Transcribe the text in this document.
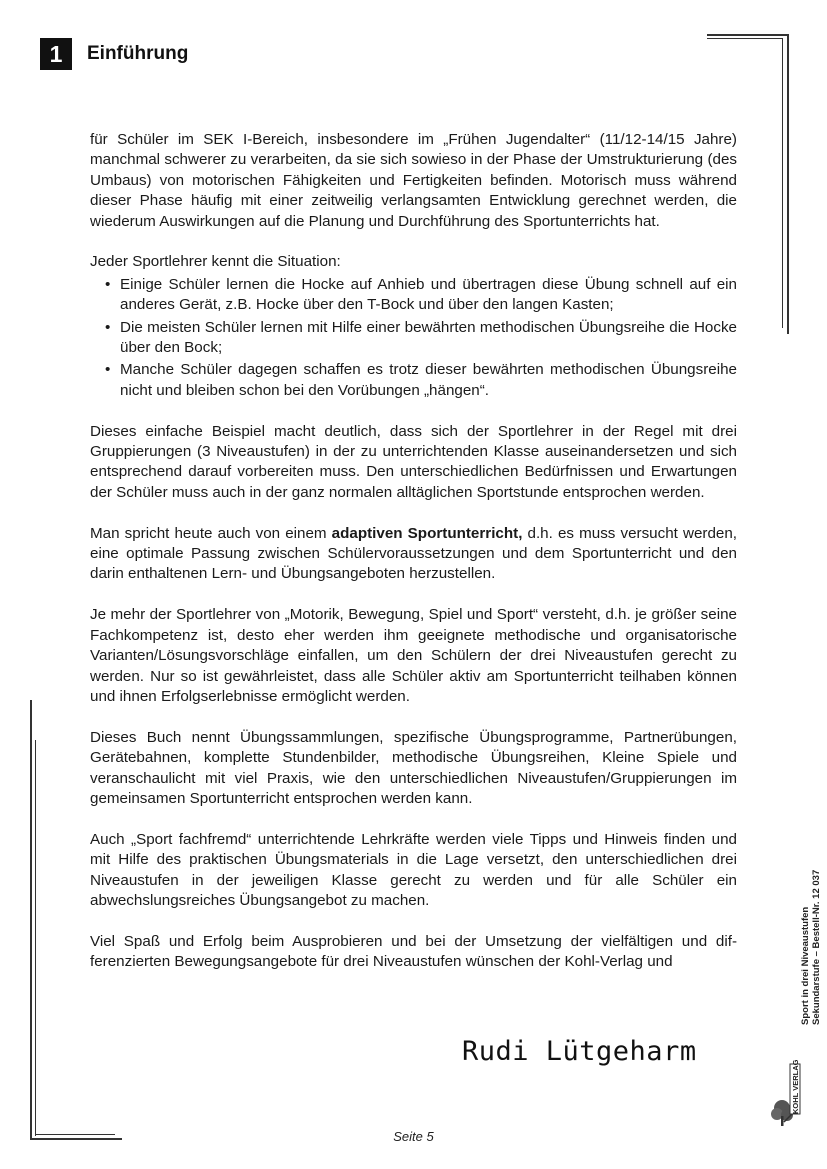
1	Einführung

für Schüler im SEK I-Bereich, insbesondere im „Frühen Jugendalter“ (11/12-14/15 Jahre) manchmal schwerer zu verarbeiten, da sie sich sowieso in der Phase der Umstrukturierung (des Umbaus) von motorischen Fähigkeiten und Fertigkeiten befinden. Motorisch muss während dieser Phase häufig mit einer zeitweilig verlangsamten Entwicklung gerechnet werden, die wiederum Auswirkungen auf die Planung und Durchführung des Sportunterrichts hat.

Jeder Sportlehrer kennt die Situation:

• Einige Schüler lernen die Hocke auf Anhieb und übertragen diese Übung schnell auf ein anderes Gerät, z.B. Hocke über den T-Bock und über den langen Kasten;
• Die meisten Schüler lernen mit Hilfe einer bewährten methodischen Übungsreihe die Hocke über den Bock;
• Manche Schüler dagegen schaffen es trotz dieser bewährten methodischen Übungsreihe nicht und bleiben schon bei den Vorübungen „hängen“.

Dieses einfache Beispiel macht deutlich, dass sich der Sportlehrer in der Regel mit drei Gruppierungen (3 Niveaustufen) in der zu unterrichtenden Klasse auseinandersetzen und sich entsprechend darauf vorbereiten muss. Den unterschiedlichen Bedürfnissen und Erwartungen der Schüler muss auch in der ganz normalen alltäglichen Sportstunde entsprochen werden.

Man spricht heute auch von einem adaptiven Sportunterricht, d.h. es muss versucht werden, eine optimale Passung zwischen Schülervoraussetzungen und dem Sportunterricht und den darin enthaltenen Lern- und Übungsangeboten herzustellen.

Je mehr der Sportlehrer von „Motorik, Bewegung, Spiel und Sport“ versteht, d.h. je größer seine Fachkompetenz ist, desto eher werden ihm geeignete methodische und organisatorische Varianten/Lösungsvorschläge einfallen, um den Schülern der drei Niveaustufen gerecht zu werden. Nur so ist gewährleistet, dass alle Schüler aktiv am Sportunterricht teilhaben können und ihnen Erfolgserlebnisse ermöglicht werden.

Dieses Buch nennt Übungssammlungen, spezifische Übungsprogramme, Partnerübungen, Gerätebahnen, komplette Stundenbilder, methodische Übungsreihen, Kleine Spiele und veranschaulicht mit viel Praxis, wie den unterschiedlichen Niveaustufen/Gruppierungen im gemeinsamen Sportunterricht entsprochen werden kann.

Auch „Sport fachfremd“ unterrichtende Lehrkräfte werden viele Tipps und Hinweis finden und mit Hilfe des praktischen Übungsmaterials in die Lage versetzt, den unterschiedlichen drei Niveaustufen in der jeweiligen Klasse gerecht zu werden und für alle Schüler ein abwechslungsreiches Übungsangebot zu machen.

Viel Spaß und Erfolg beim Ausprobieren und bei der Umsetzung der vielfältigen und differenzierten Bewegungsangebote für drei Niveaustufen wünschen der Kohl-Verlag und

Rudi Lütgeharm
Sport in drei Niveaustufen Sekundarstufe – Bestell-Nr. 12 037
KOHL VERLAG
Seite 5
